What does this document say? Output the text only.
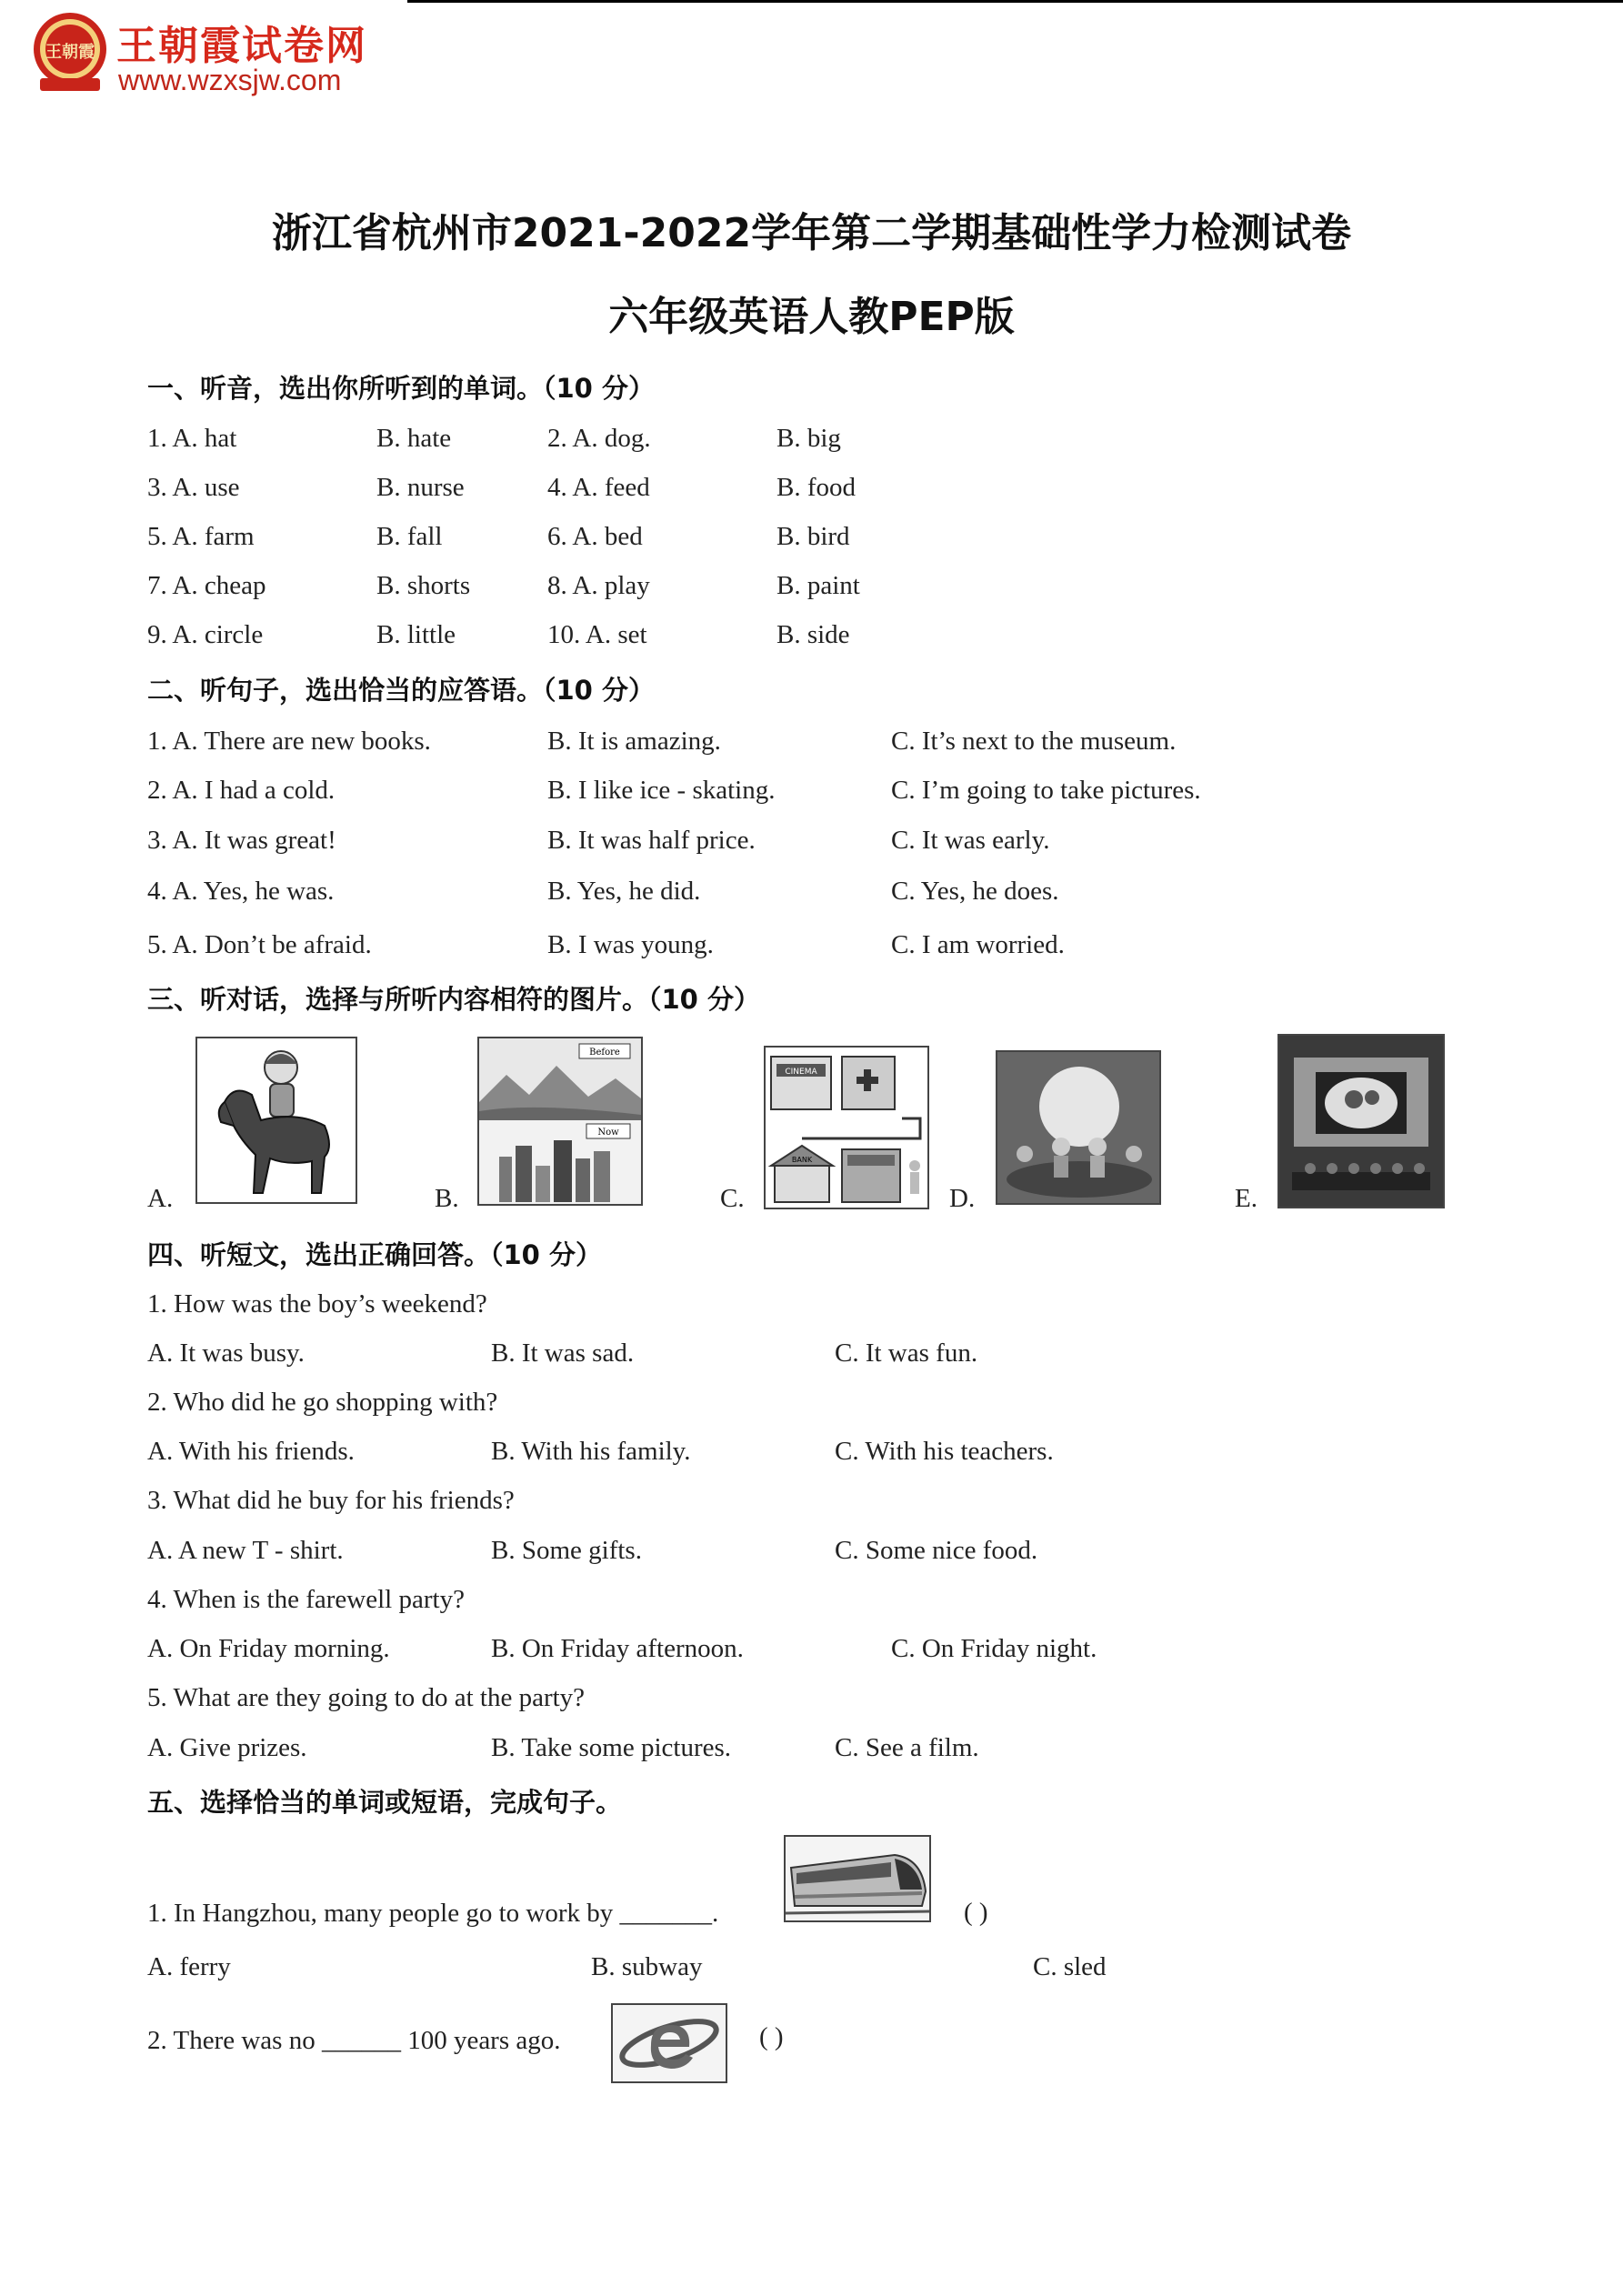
王朝霞 王朝霞试卷网
www.wzxsjw.com
浙江省杭州市2021-2022学年第二学期基础性学力检测试卷
六年级英语人教PEP版
一、听音，选出你所听到的单词。（10 分）
1. A. hat	B. hate	2. A. dog.	B. big
3. A. use	B. nurse	4. A. feed	B. food
5. A. farm	B. fall	6. A. bed	B. bird
7. A. cheap	B. shorts	8. A. play	B. paint
9. A. circle	B. little	10. A. set	B. side
二、听句子，选出恰当的应答语。（10 分）
1. A. There are new books.	B. It is amazing.	C. It’s next to the museum.
2. A. I had a cold.	B. I like ice - skating.	C. I’m going to take pictures.
3. A. It was great!	B. It was half price.	C. It was early.
4. A. Yes, he was.	B. Yes, he did.	C. Yes, he does.
5. A. Don’t be afraid.	B. I was young.	C. I am worried.
三、听对话，选择与所听内容相符的图片。（10 分）
A.
Before
Now
B.
CINEMA
BANK
C.	D.	E.
四、听短文，选出正确回答。（10 分）
1. How was the boy’s weekend?
A. It was busy.	B. It was sad.	C. It was fun.
2. Who did he go shopping with?
A. With his friends.	B. With his family.	C. With his teachers.
3. What did he buy for his friends?
A. A new T - shirt.	B. Some gifts.	C. Some nice food.
4. When is the farewell party?
A. On Friday morning.	B. On Friday afternoon.	C. On Friday night.
5. What are they going to do at the party?
A. Give prizes.	B. Take some pictures.	C. See a film.
五、选择恰当的单词或短语，完成句子。
1. In Hangzhou, many people go to work by _______.	( )
A. ferry	B. subway	C. sled
2. There was no ______ 100 years ago.	( )
